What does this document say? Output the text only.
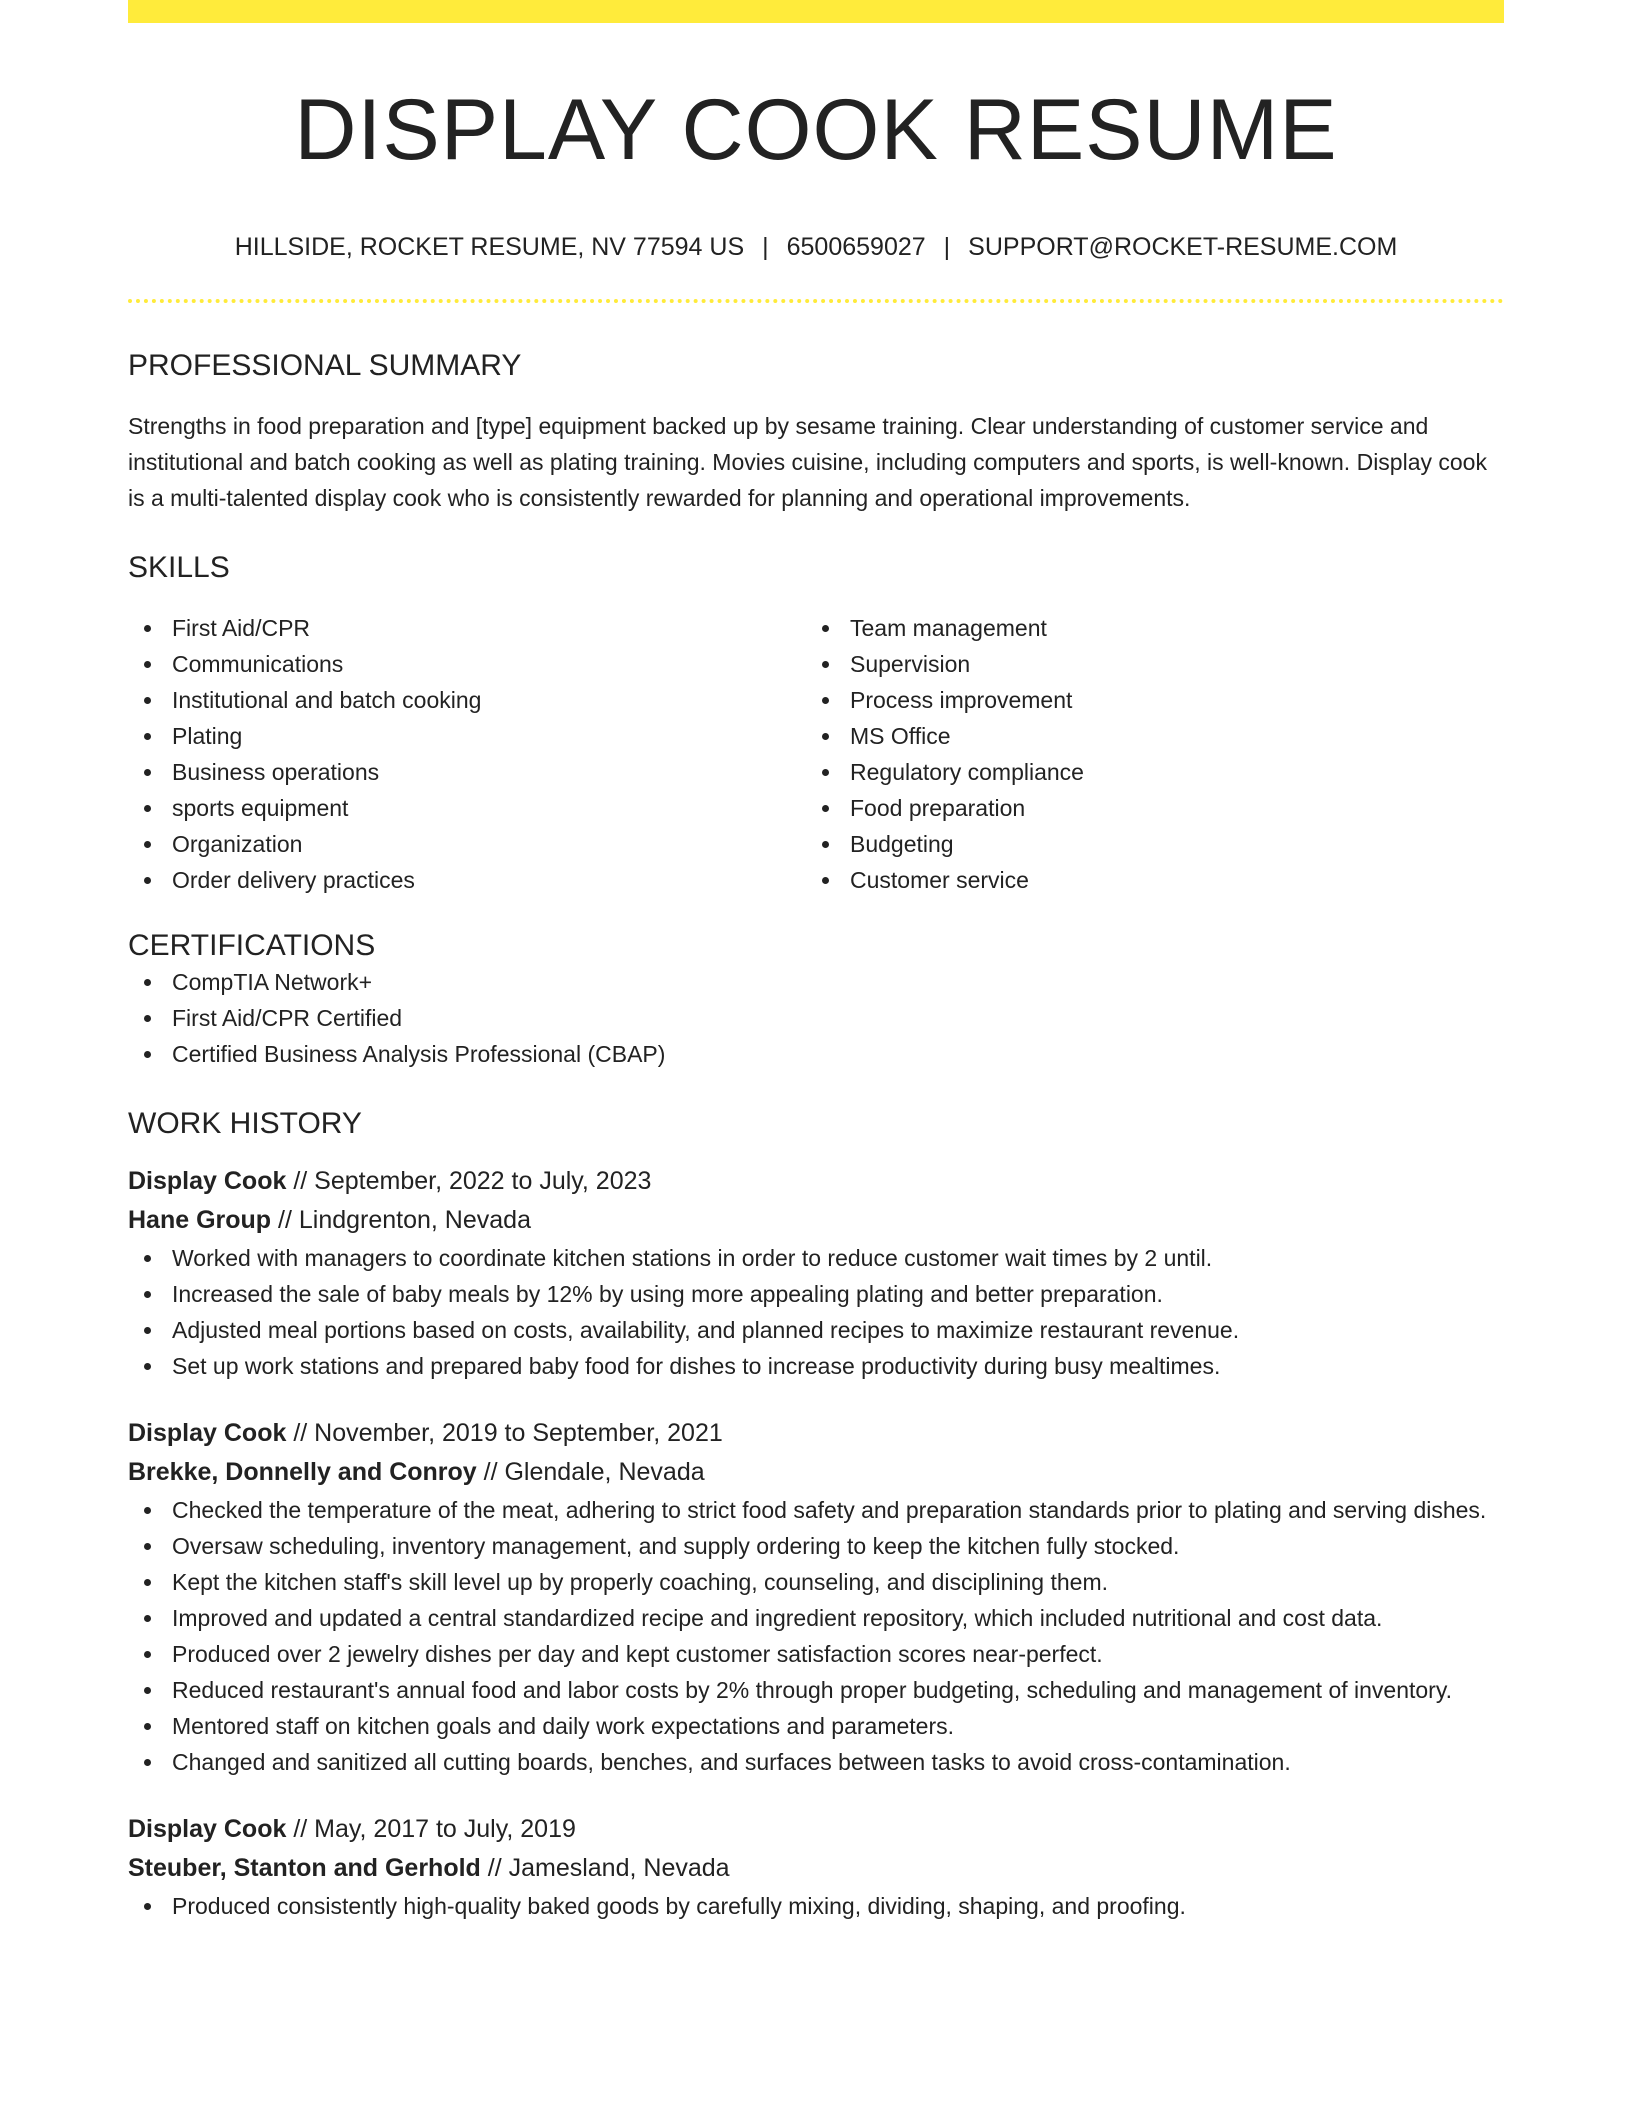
DISPLAY COOK RESUME
HILLSIDE, ROCKET RESUME, NV 77594 US | 6500659027 | SUPPORT@ROCKET-RESUME.COM
PROFESSIONAL SUMMARY
Strengths in food preparation and [type] equipment backed up by sesame training. Clear understanding of customer service and institutional and batch cooking as well as plating training. Movies cuisine, including computers and sports, is well-known. Display cook is a multi-talented display cook who is consistently rewarded for planning and operational improvements.
SKILLS
First Aid/CPR
Communications
Institutional and batch cooking
Plating
Business operations
sports equipment
Organization
Order delivery practices
Team management
Supervision
Process improvement
MS Office
Regulatory compliance
Food preparation
Budgeting
Customer service
CERTIFICATIONS
CompTIA Network+
First Aid/CPR Certified
Certified Business Analysis Professional (CBAP)
WORK HISTORY
Display Cook // September, 2022 to July, 2023
Hane Group // Lindgrenton, Nevada
Worked with managers to coordinate kitchen stations in order to reduce customer wait times by 2 until.
Increased the sale of baby meals by 12% by using more appealing plating and better preparation.
Adjusted meal portions based on costs, availability, and planned recipes to maximize restaurant revenue.
Set up work stations and prepared baby food for dishes to increase productivity during busy mealtimes.
Display Cook // November, 2019 to September, 2021
Brekke, Donnelly and Conroy // Glendale, Nevada
Checked the temperature of the meat, adhering to strict food safety and preparation standards prior to plating and serving dishes.
Oversaw scheduling, inventory management, and supply ordering to keep the kitchen fully stocked.
Kept the kitchen staff's skill level up by properly coaching, counseling, and disciplining them.
Improved and updated a central standardized recipe and ingredient repository, which included nutritional and cost data.
Produced over 2 jewelry dishes per day and kept customer satisfaction scores near-perfect.
Reduced restaurant's annual food and labor costs by 2% through proper budgeting, scheduling and management of inventory.
Mentored staff on kitchen goals and daily work expectations and parameters.
Changed and sanitized all cutting boards, benches, and surfaces between tasks to avoid cross-contamination.
Display Cook // May, 2017 to July, 2019
Steuber, Stanton and Gerhold // Jamesland, Nevada
Produced consistently high-quality baked goods by carefully mixing, dividing, shaping, and proofing.
